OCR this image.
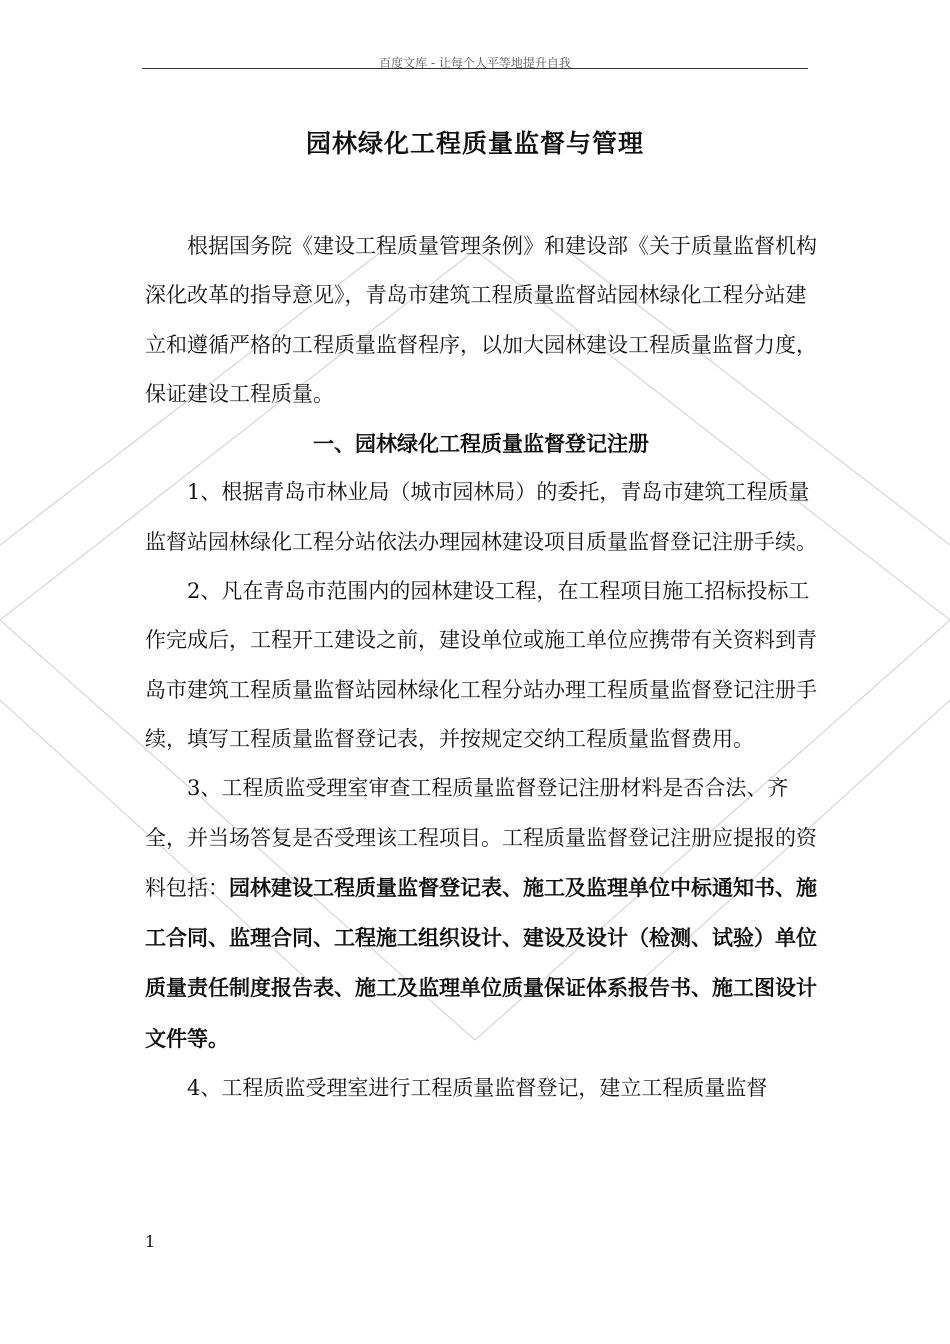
百度文库 - 让每个人平等地提升自我
园林绿化工程质量监督与管理

根据国务院《建设工程质量管理条例》和建设部《关于质量监督机构深化改革的指导意见》，青岛市建筑工程质量监督站园林绿化工程分站建立和遵循严格的工程质量监督程序，以加大园林建设工程质量监督力度，保证建设工程质量。

一、园林绿化工程质量监督登记注册

1、根据青岛市林业局（城市园林局）的委托，青岛市建筑工程质量监督站园林绿化工程分站依法办理园林建设项目质量监督登记注册手续。

2、凡在青岛市范围内的园林建设工程，在工程项目施工招标投标工作完成后，工程开工建设之前，建设单位或施工单位应携带有关资料到青岛市建筑工程质量监督站园林绿化工程分站办理工程质量监督登记注册手续，填写工程质量监督登记表，并按规定交纳工程质量监督费用。

3、工程质监受理室审查工程质量监督登记注册材料是否合法、齐全，并当场答复是否受理该工程项目。工程质量监督登记注册应提报的资料包括：园林建设工程质量监督登记表、施工及监理单位中标通知书、施工合同、监理合同、工程施工组织设计、建设及设计（检测、试验）单位质量责任制度报告表、施工及监理单位质量保证体系报告书、施工图设计文件等。

4、工程质监受理室进行工程质量监督登记，建立工程质量监督

1
